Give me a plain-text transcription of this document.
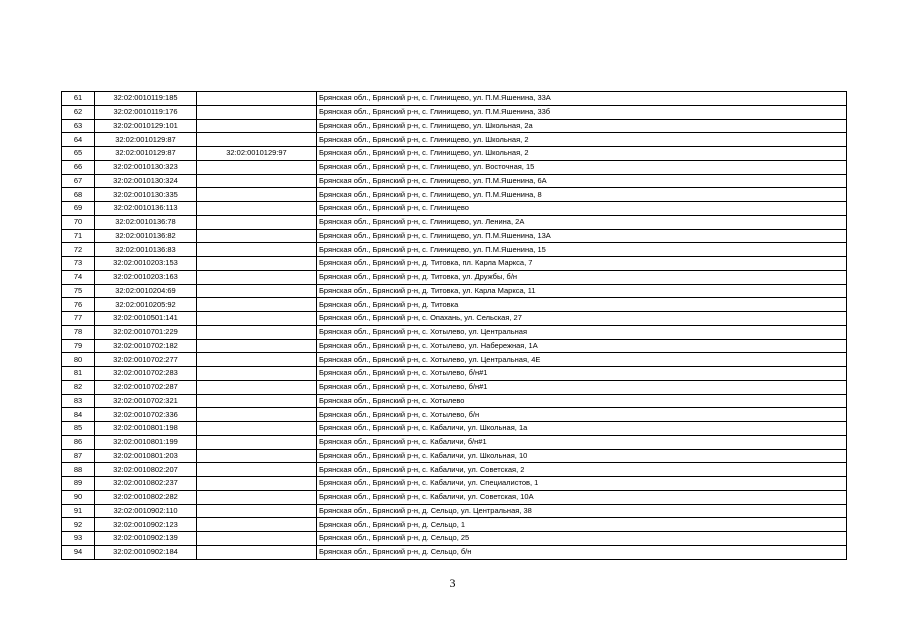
61	32:02:0010119:185		Брянская обл., Брянский р-н, с. Глинищево, ул. П.М.Яшенина, 33А
62	32:02:0010119:176		Брянская обл., Брянский р-н, с. Глинищево, ул. П.М.Яшенина, 33б
63	32:02:0010129:101		Брянская обл., Брянский р-н, с. Глинищево, ул. Школьная, 2а
64	32:02:0010129:87		Брянская обл., Брянский р-н, с. Глинищево, ул. Школьная, 2
65	32:02:0010129:87	32:02:0010129:97	Брянская обл., Брянский р-н, с. Глинищево, ул. Школьная, 2
66	32:02:0010130:323		Брянская обл., Брянский р-н, с. Глинищево, ул. Восточная, 15
67	32:02:0010130:324		Брянская обл., Брянский р-н, с. Глинищево, ул. П.М.Яшенина, 6А
68	32:02:0010130:335		Брянская обл., Брянский р-н, с. Глинищево, ул. П.М.Яшенина, 8
69	32:02:0010136:113		Брянская обл., Брянский р-н, с. Глинищево
70	32:02:0010136:78		Брянская обл., Брянский р-н, с. Глинищево, ул. Ленина, 2А
71	32:02:0010136:82		Брянская обл., Брянский р-н, с. Глинищево, ул. П.М.Яшенина, 13А
72	32:02:0010136:83		Брянская обл., Брянский р-н, с. Глинищево, ул. П.М.Яшенина, 15
73	32:02:0010203:153		Брянская обл., Брянский р-н, д. Титовка, пл. Карла Маркса, 7
74	32:02:0010203:163		Брянская обл., Брянский р-н, д. Титовка, ул. Дружбы, б/н
75	32:02:0010204:69		Брянская обл., Брянский р-н, д. Титовка, ул. Карла Маркса, 11
76	32:02:0010205:92		Брянская обл., Брянский р-н, д. Титовка
77	32:02:0010501:141		Брянская обл., Брянский р-н, с. Опахань, ул. Сельская, 27
78	32:02:0010701:229		Брянская обл., Брянский р-н, с. Хотылево, ул. Центральная
79	32:02:0010702:182		Брянская обл., Брянский р-н, с. Хотылево, ул. Набережная, 1А
80	32:02:0010702:277		Брянская обл., Брянский р-н, с. Хотылево, ул. Центральная, 4Е
81	32:02:0010702:283		Брянская обл., Брянский р-н, с. Хотылево, б/н#1
82	32:02:0010702:287		Брянская обл., Брянский р-н, с. Хотылево, б/н#1
83	32:02:0010702:321		Брянская обл., Брянский р-н, с. Хотылево
84	32:02:0010702:336		Брянская обл., Брянский р-н, с. Хотылево, б/н
85	32:02:0010801:198		Брянская обл., Брянский р-н, с. Кабаличи, ул. Школьная, 1а
86	32:02:0010801:199		Брянская обл., Брянский р-н, с. Кабаличи, б/н#1
87	32:02:0010801:203		Брянская обл., Брянский р-н, с. Кабаличи, ул. Школьная, 10
88	32:02:0010802:207		Брянская обл., Брянский р-н, с. Кабаличи, ул. Советская, 2
89	32:02:0010802:237		Брянская обл., Брянский р-н, с. Кабаличи, ул. Специалистов, 1
90	32:02:0010802:282		Брянская обл., Брянский р-н, с. Кабаличи, ул. Советская, 10А
91	32:02:0010902:110		Брянская обл., Брянский р-н, д. Сельцо, ул. Центральная, 38
92	32:02:0010902:123		Брянская обл., Брянский р-н, д. Сельцо, 1
93	32:02:0010902:139		Брянская обл., Брянский р-н, д. Сельцо, 25
94	32:02:0010902:184		Брянская обл., Брянский р-н, д. Сельцо, б/н
3
